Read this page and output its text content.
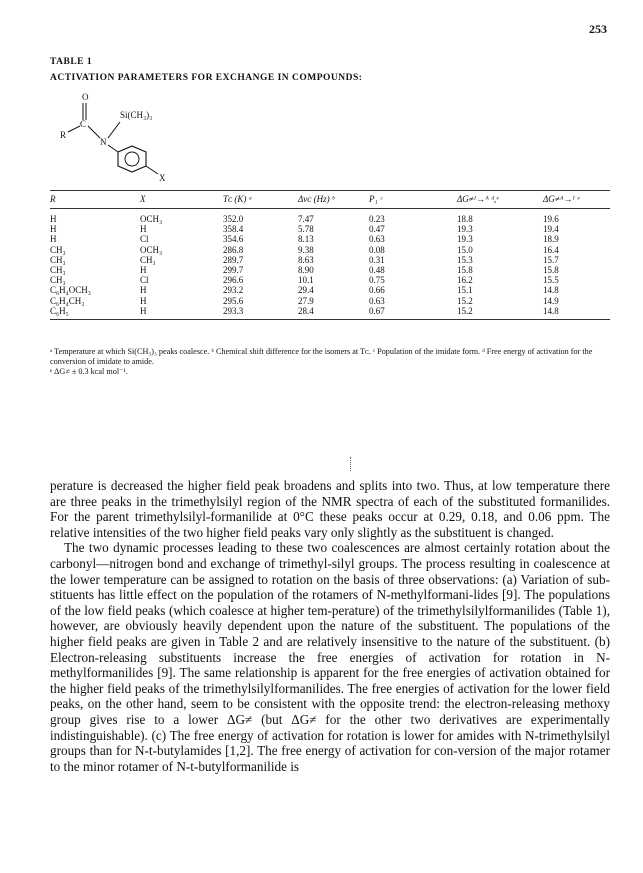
253
TABLE 1
ACTIVATION PARAMETERS FOR EXCHANGE IN COMPOUNDS:
O
C
R
N
Si(CH₃)₃
X
R	X	Tᴄ (K) ᵃ	Δνᴄ (Hz) ᵇ	P₁ ᶜ	ΔG≠ᴵ→ᴬ ᵈ,ᵉ	ΔG≠ᴬ→ᴵ ᵉ
H	OCH₃	352.0	7.47	0.23	18.8	19.6
H	H	358.4	5.78	0.47	19.3	19.4
H	Cl	354.6	8.13	0.63	19.3	18.9
CH₃	OCH₃	286.8	9.38	0.08	15.0	16.4
CH₃	CH₃	289.7	8.63	0.31	15.3	15.7
CH₃	H	299.7	8.90	0.48	15.8	15.8
CH₃	Cl	296.6	10.1	0.75	16.2	15.5
C₆H₄OCH₃	H	293.2	29.4	0.66	15.1	14.8
C₆H₄CH₃	H	295.6	27.9	0.63	15.2	14.9
C₆H₅	H	293.3	28.4	0.67	15.2	14.8

ᵃ Temperature at which Si(CH₃)₃ peaks coalesce. ᵇ Chemical shift difference for the isomers at Tᴄ. ᶜ Population of the imidate form. ᵈ Free energy of activation for the conversion of imidate to amide.

ᵉ ΔG≠ ± 0.3 kcal mol⁻¹.

perature is decreased the higher field peak broadens and splits into two. Thus, at low temperature there are three peaks in the trimethylsilyl region of the NMR spectra of each of the substituted formanilides. For the parent trimethylsilyl-formanilide at 0°C these peaks occur at 0.29, 0.18, and 0.06 ppm. The relative intensities of the two higher field peaks vary only slightly as the substituent is changed.

The two dynamic processes leading to these two coalescences are almost certainly rotation about the carbonyl—nitrogen bond and exchange of trimethyl-silyl groups. The process resulting in coalescence at the lower temperature can be assigned to rotation on the basis of three observations: (a) Variation of sub-stituents has little effect on the population of the rotamers of N-methylformani-lides [9]. The populations of the low field peaks (which coalesce at higher tem-perature) of the trimethylsilylformanilides (Table 1), however, are obviously heavily dependent upon the nature of the substituent. The populations of the higher field peaks are given in Table 2 and are relatively insensitive to the nature of the substituent. (b) Electron-releasing substituents increase the free energies of activation for rotation in N-methylformanilides [9]. The same relationship is apparent for the free energies of activation obtained for the higher field peaks of the trimethylsilylformanilides. The free energies of activation for the lower field peaks, on the other hand, seem to be consistent with the opposite trend: the electron-releasing methoxy group gives rise to a lower ΔG≠ (but ΔG≠ for the other two derivatives are experimentally indistinguishable). (c) The free energy of activation for rotation is lower for amides with N-trimethylsilyl groups than for N-t-butylamides [1,2]. The free energy of activation for con-version of the major rotamer to the minor rotamer of N-t-butylformanilide is
